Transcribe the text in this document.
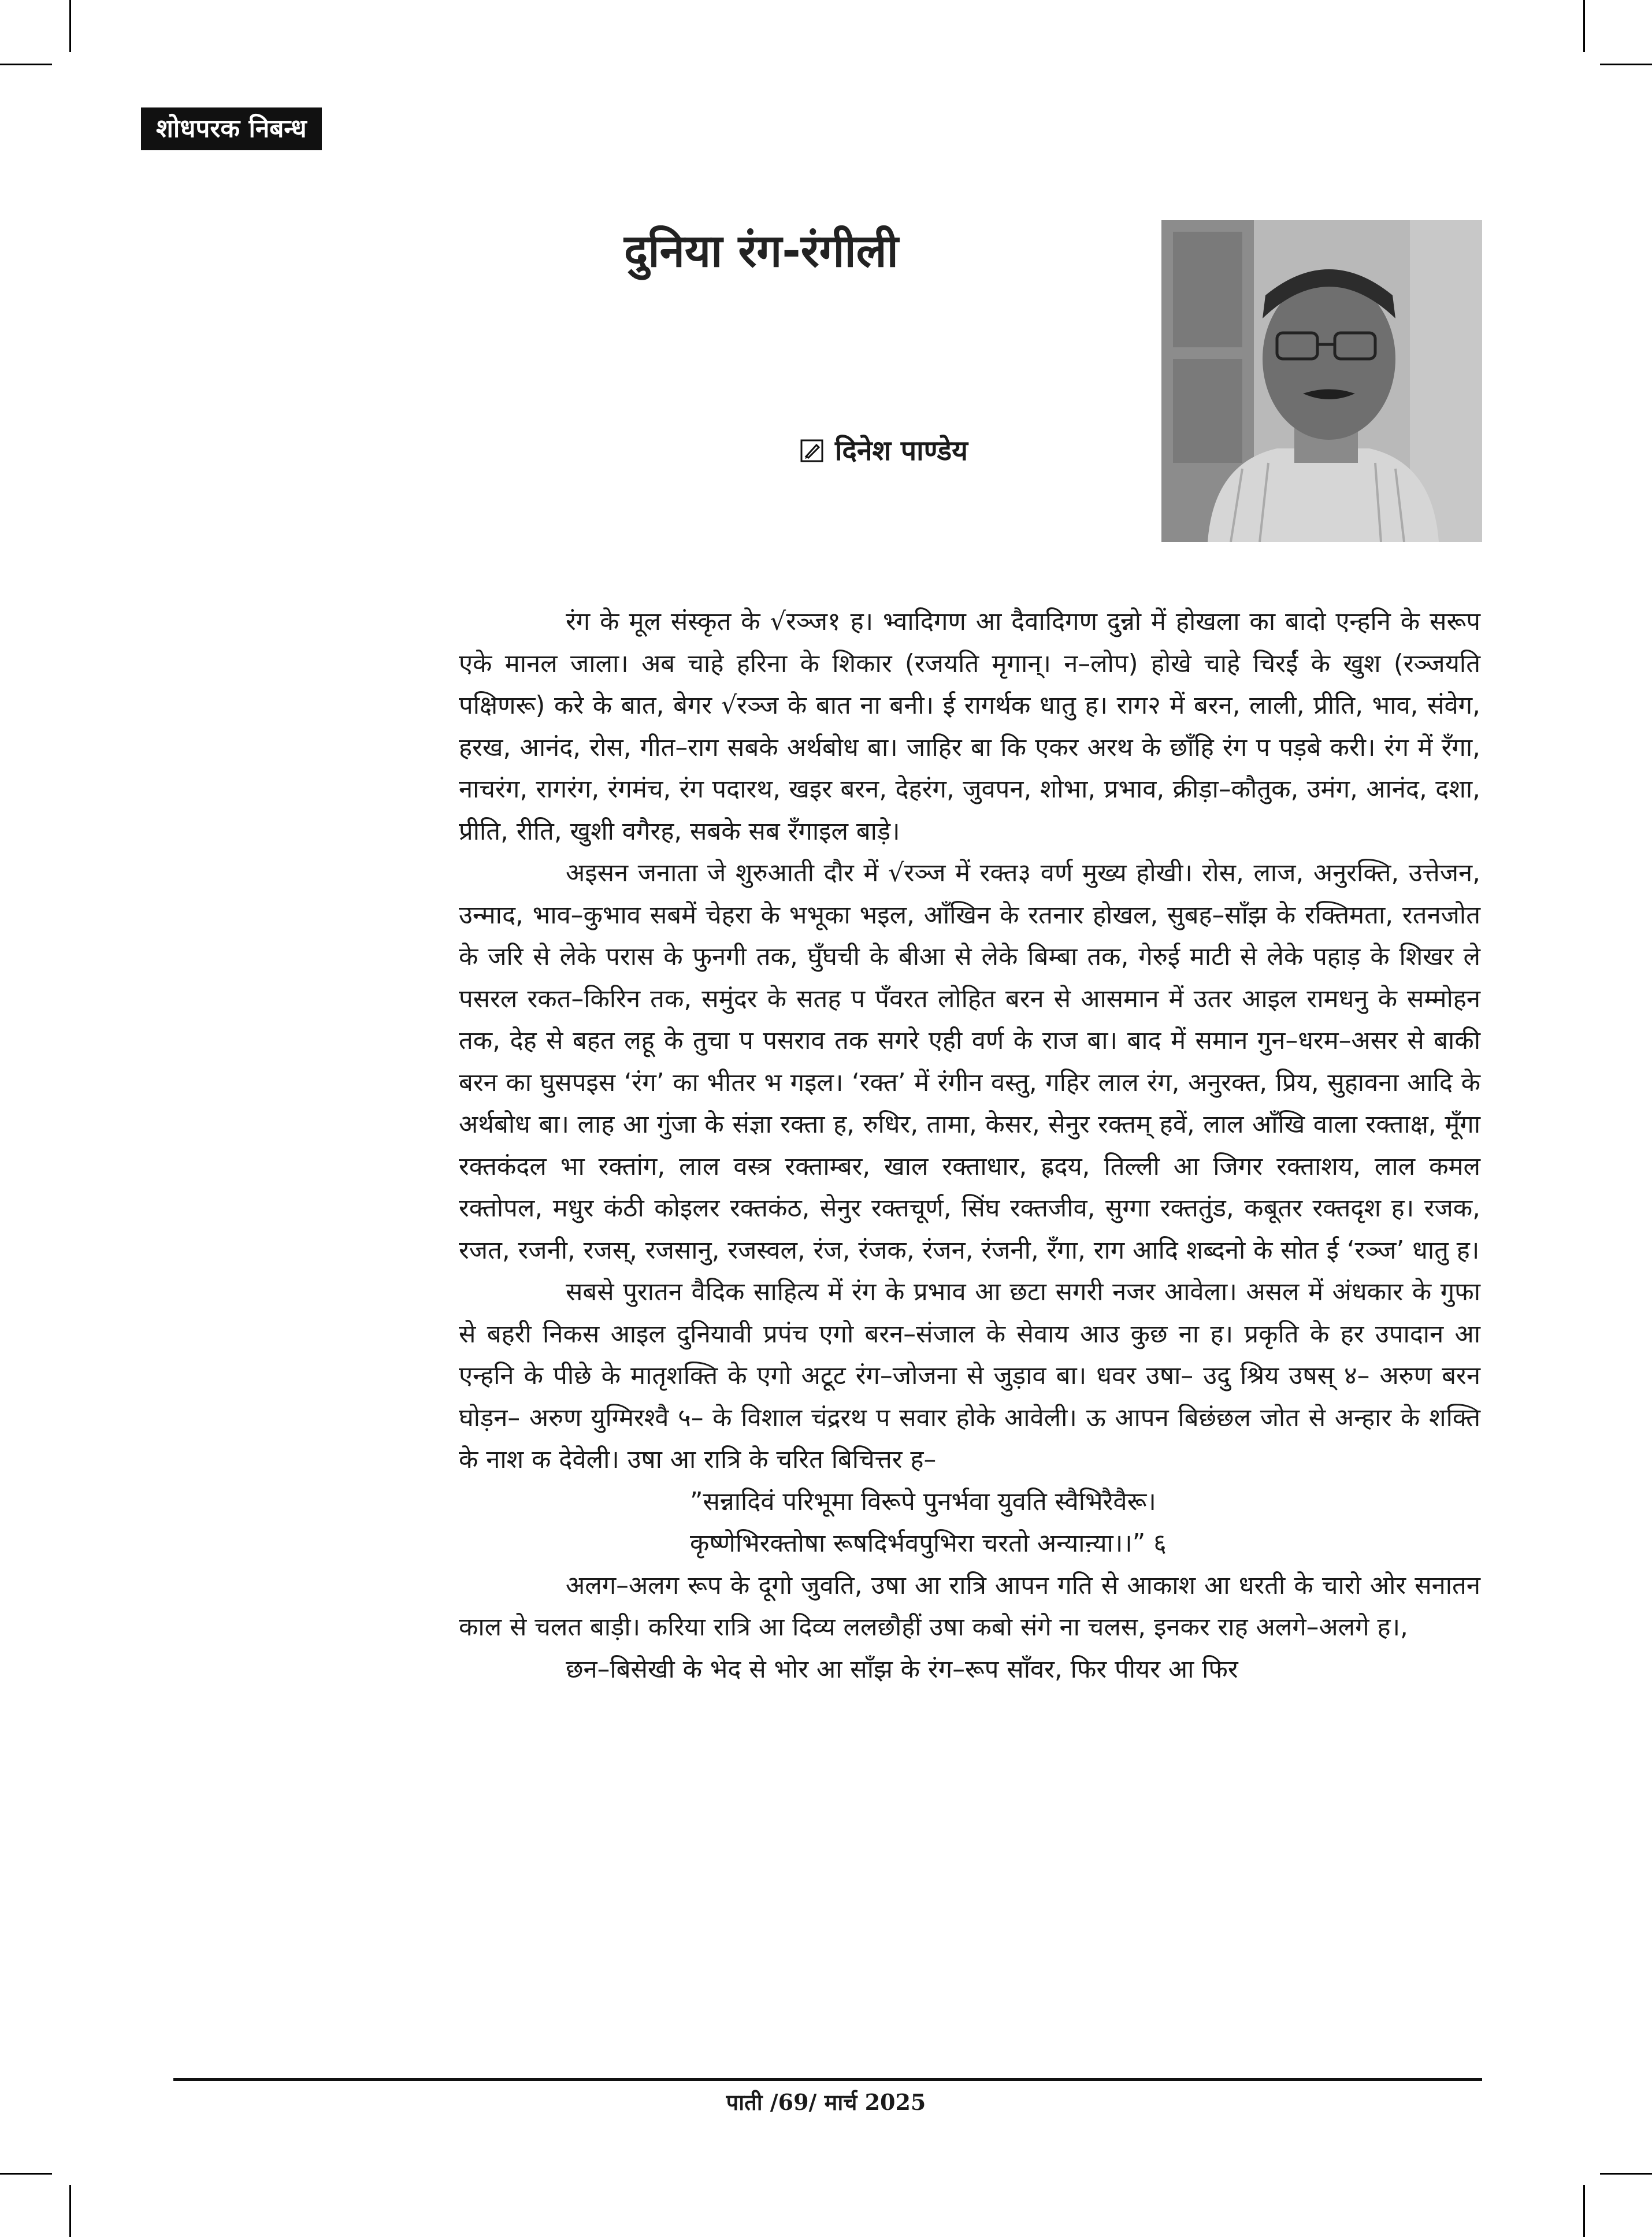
शोधपरक निबन्ध
दुनिया रंग-रंगीली
दिनेश पाण्डेय

रंग के मूल संस्कृत के √रञ्ज१ ह। भ्वादिगण आ दैवादिगण दुन्नो में होखला का बादो एन्हनि के सरूप एके मानल जाला। अब चाहे हरिना के शिकार (रजयति मृगान्। न–लोप) होखे चाहे चिरईं के खुश (रञ्जयति पक्षिणरू) करे के बात, बेगर √रञ्ज के बात ना बनी। ई रागर्थक धातु ह। राग२ में बरन, लाली, प्रीति, भाव, संवेग, हरख, आनंद, रोस, गीत–राग सबके अर्थबोध बा। जाहिर बा कि एकर अरथ के छाँहि रंग प पड़बे करी। रंग में रँगा, नाचरंग, रागरंग, रंगमंच, रंग पदारथ, खइर बरन, देहरंग, जुवपन, शोभा, प्रभाव, क्रीड़ा–कौतुक, उमंग, आनंद, दशा, प्रीति, रीति, खुशी वगैरह, सबके सब रँगाइल बाड़े।

अइसन जनाता जे शुरुआती दौर में √रञ्ज में रक्त३ वर्ण मुख्य होखी। रोस, लाज, अनुरक्ति, उत्तेजन, उन्माद, भाव–कुभाव सबमें चेहरा के भभूका भइल, आँखिन के रतनार होखल, सुबह–साँझ के रक्तिमता, रतनजोत के जरि से लेके परास के फुनगी तक, घुँघची के बीआ से लेके बिम्बा तक, गेरुई माटी से लेके पहाड़ के शिखर ले पसरल रकत–किरिन तक, समुंदर के सतह प पँवरत लोहित बरन से आसमान में उतर आइल रामधनु के सम्मोहन तक, देह से बहत लहू के तुचा प पसराव तक सगरे एही वर्ण के राज बा। बाद में समान गुन–धरम–असर से बाकी बरन का घुसपइस ‘रंग’ का भीतर भ गइल। ‘रक्त’ में रंगीन वस्तु, गहिर लाल रंग, अनुरक्त, प्रिय, सुहावना आदि के अर्थबोध बा। लाह आ गुंजा के संज्ञा रक्ता ह, रुधिर, तामा, केसर, सेनुर रक्तम् हवें, लाल आँखि वाला रक्ताक्ष, मूँगा रक्तकंदल भा रक्तांग, लाल वस्त्र रक्ताम्बर, खाल रक्ताधार, ह्रदय, तिल्ली आ जिगर रक्ताशय, लाल कमल रक्तोपल, मधुर कंठी कोइलर रक्तकंठ, सेनुर रक्तचूर्ण, सिंघ रक्तजीव, सुग्गा रक्ततुंड, कबूतर रक्तदृश ह। रजक, रजत, रजनी, रजस्, रजसानु, रजस्वल, रंज, रंजक, रंजन, रंजनी, रँगा, राग आदि शब्दनो के सोत ई ‘रञ्ज’ धातु ह।

सबसे पुरातन वैदिक साहित्य में रंग के प्रभाव आ छटा सगरी नजर आवेला। असल में अंधकार के गुफा से बहरी निकस आइल दुनियावी प्रपंच एगो बरन–संजाल के सेवाय आउ कुछ ना ह। प्रकृति के हर उपादान आ एन्हनि के पीछे के मातृशक्ति के एगो अटूट रंग–जोजना से जुड़ाव बा। धवर उषा– उदु श्रिय उषस् ४– अरुण बरन घोड़न– अरुण युग्मिरश्वै ५– के विशाल चंद्ररथ प सवार होके आवेली। ऊ आपन बिछंछल जोत से अन्हार के शक्ति के नाश क देवेली। उषा आ रात्रि के चरित बिचित्तर ह–

”सन्नादिवं परिभूमा विरूपे पुनर्भवा युवति स्वैभिरैवैरू।

कृष्णेभिरक्तोषा रूषदिर्भवपुभिरा चरतो अन्याऩ्या।।” ६

अलग–अलग रूप के दूगो जुवति, उषा आ रात्रि आपन गति से आकाश आ धरती के चारो ओर सनातन काल से चलत बाड़ी। करिया रात्रि आ दिव्य ललछौहीं उषा कबो संगे ना चलस, इनकर राह अलगे–अलगे ह।,

छन–बिसेखी के भेद से भोर आ साँझ के रंग–रूप साँवर, फिर पीयर आ फिर

पाती /69/ मार्च 2025
